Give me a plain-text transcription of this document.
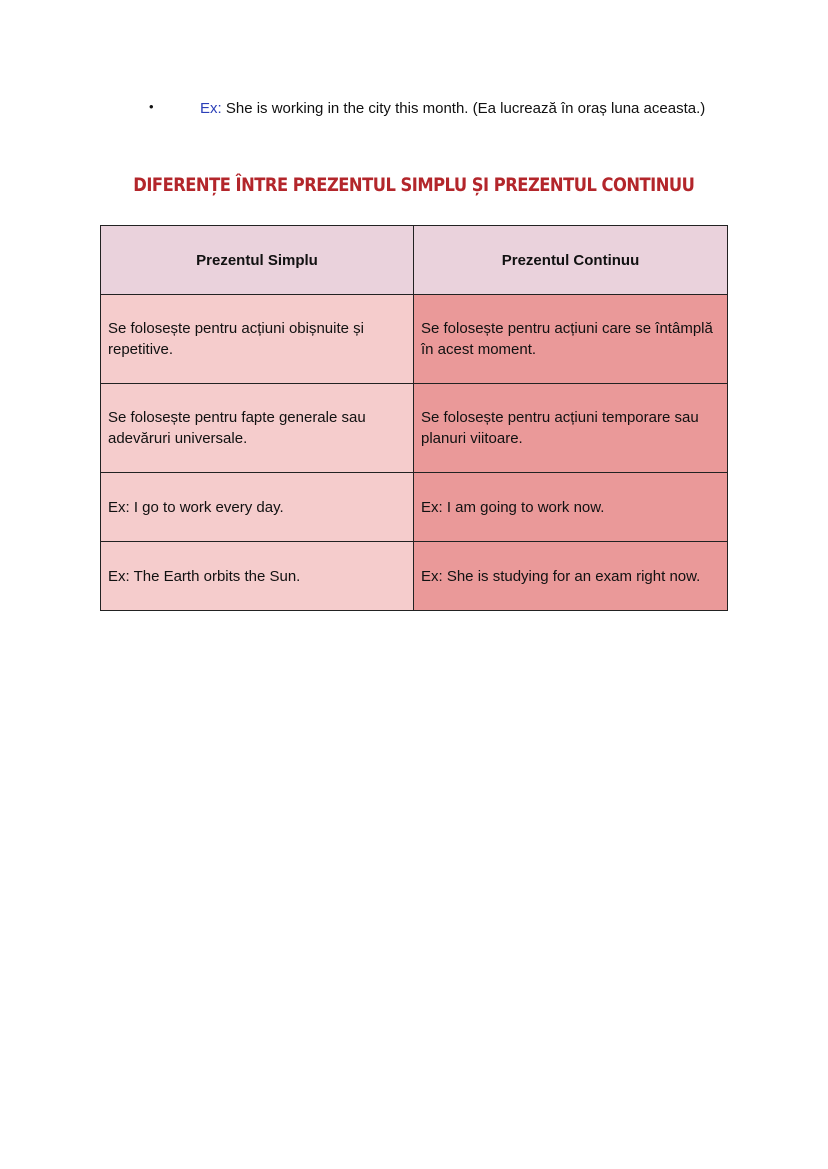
•	Ex: She is working in the city this month. (Ea lucrează în oraș luna aceasta.)
DIFERENȚE ÎNTRE PREZENTUL SIMPLU ȘI PREZENTUL CONTINUU
Prezentul Simplu	Prezentul Continuu
Se folosește pentru acțiuni obișnuite și repetitive.	Se folosește pentru acțiuni care se întâmplă în acest moment.
Se folosește pentru fapte generale sau adevăruri universale.	Se folosește pentru acțiuni temporare sau planuri viitoare.
Ex: I go to work every day.	Ex: I am going to work now.
Ex: The Earth orbits the Sun.	Ex: She is studying for an exam right now.
